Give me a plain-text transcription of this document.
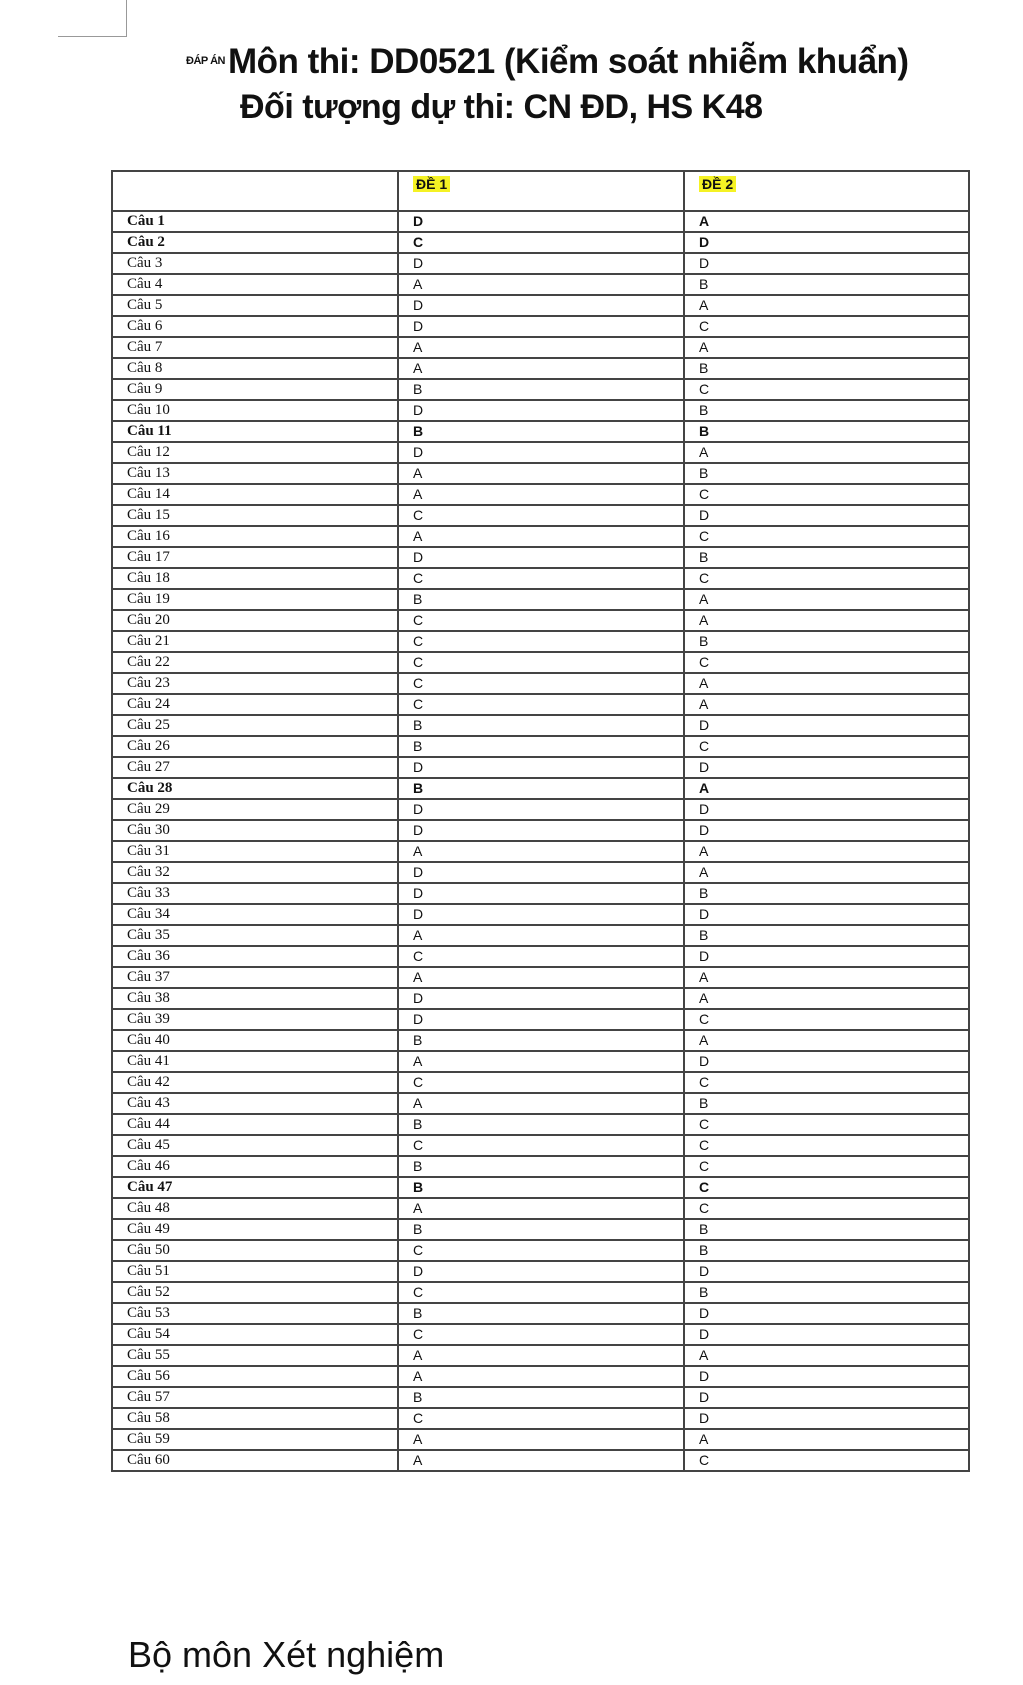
ĐÁP ÁNMôn thi: DD0521 (Kiểm soát nhiễm khuẩn)
Đối tượng dự thi: CN ĐD, HS K48
	ĐỀ 1	ĐỀ 2
Câu 1	D	A
Câu 2	C	D
Câu 3	D	D
Câu 4	A	B
Câu 5	D	A
Câu 6	D	C
Câu 7	A	A
Câu 8	A	B
Câu 9	B	C
Câu 10	D	B
Câu 11	B	B
Câu 12	D	A
Câu 13	A	B
Câu 14	A	C
Câu 15	C	D
Câu 16	A	C
Câu 17	D	B
Câu 18	C	C
Câu 19	B	A
Câu 20	C	A
Câu 21	C	B
Câu 22	C	C
Câu 23	C	A
Câu 24	C	A
Câu 25	B	D
Câu 26	B	C
Câu 27	D	D
Câu 28	B	A
Câu 29	D	D
Câu 30	D	D
Câu 31	A	A
Câu 32	D	A
Câu 33	D	B
Câu 34	D	D
Câu 35	A	B
Câu 36	C	D
Câu 37	A	A
Câu 38	D	A
Câu 39	D	C
Câu 40	B	A
Câu 41	A	D
Câu 42	C	C
Câu 43	A	B
Câu 44	B	C
Câu 45	C	C
Câu 46	B	C
Câu 47	B	C
Câu 48	A	C
Câu 49	B	B
Câu 50	C	B
Câu 51	D	D
Câu 52	C	B
Câu 53	B	D
Câu 54	C	D
Câu 55	A	A
Câu 56	A	D
Câu 57	B	D
Câu 58	C	D
Câu 59	A	A
Câu 60	A	C
Bộ môn Xét nghiệm
